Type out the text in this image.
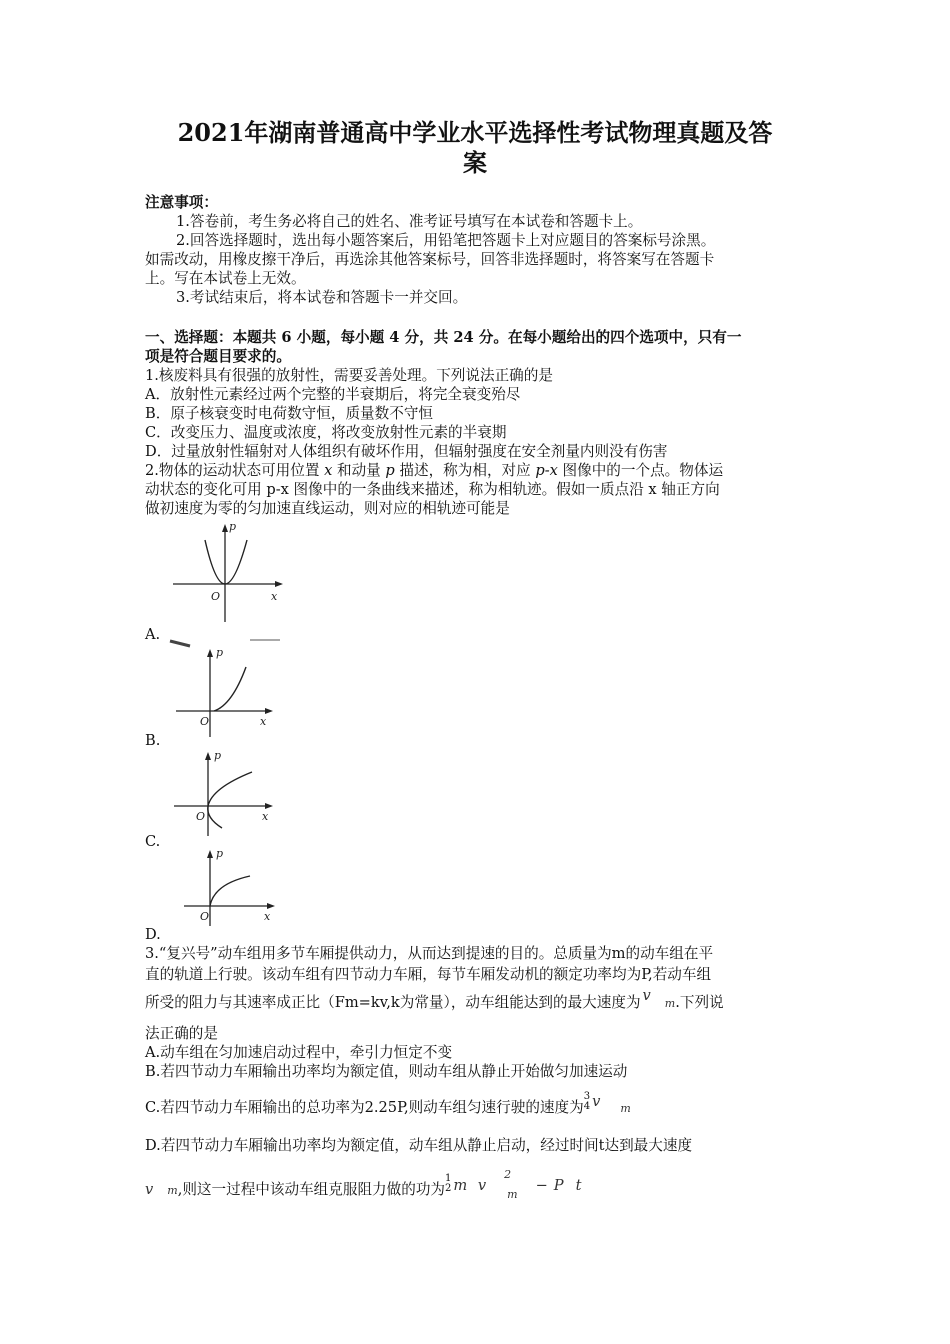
2021年湖南普通高中学业水平选择性考试物理真题及答
案
注意事项：
1.答卷前，考生务必将自己的姓名、准考证号填写在本试卷和答题卡上。
2.回答选择题时，选出每小题答案后，用铅笔把答题卡上对应题目的答案标号涂黑。
如需改动，用橡皮擦干净后，再选涂其他答案标号，回答非选择题时，将答案写在答题卡
上。写在本试卷上无效。
3.考试结束后，将本试卷和答题卡一并交回。
一、选择题：本题共 6 小题，每小题 4 分，共 24 分。在每小题给出的四个选项中，只有一
项是符合题目要求的。
1.核废料具有很强的放射性，需要妥善处理。下列说法正确的是
A．放射性元素经过两个完整的半衰期后，将完全衰变殆尽
B．原子核衰变时电荷数守恒，质量数不守恒
C．改变压力、温度或浓度，将改变放射性元素的半衰期
D．过量放射性辐射对人体组织有破坏作用，但辐射强度在安全剂量内则没有伤害
2.物体的运动状态可用位置 x 和动量 p 描述，称为相，对应 p-x 图像中的一个点。物体运
动状态的变化可用 p-x 图像中的一条曲线来描述，称为相轨迹。假如一质点沿 x 轴正方向
做初速度为零的匀加速直线运动，则对应的相轨迹可能是
p
x
O
A.
p
x
O
B.
p
x
O
C.
p
x
O
D.
3.“复兴号”动车组用多节车厢提供动力，从而达到提速的目的。总质量为m的动车组在平
直的轨道上行驶。该动车组有四节动力车厢，每节车厢发动机的额定功率均为P,若动车组
所受的阻力与其速率成正比（Fm=kv,k为常量），动车组能达到的最大速度为 v m.下列说
法正确的是
A.动车组在匀加速启动过程中，牵引力恒定不变
B.若四节动力车厢输出功率均为额定值，则动车组从静止开始做匀加速运动
C.若四节动力车厢输出的总功率为2.25P,则动车组匀速行驶的速度为
3
4 v m
D.若四节动力车厢输出功率均为额定值，动车组从静止启动，经过时间t达到最大速度
v m,则这一过程中该动车组克服阻力做的功为
1
2 m $v^2_m- P$ t
